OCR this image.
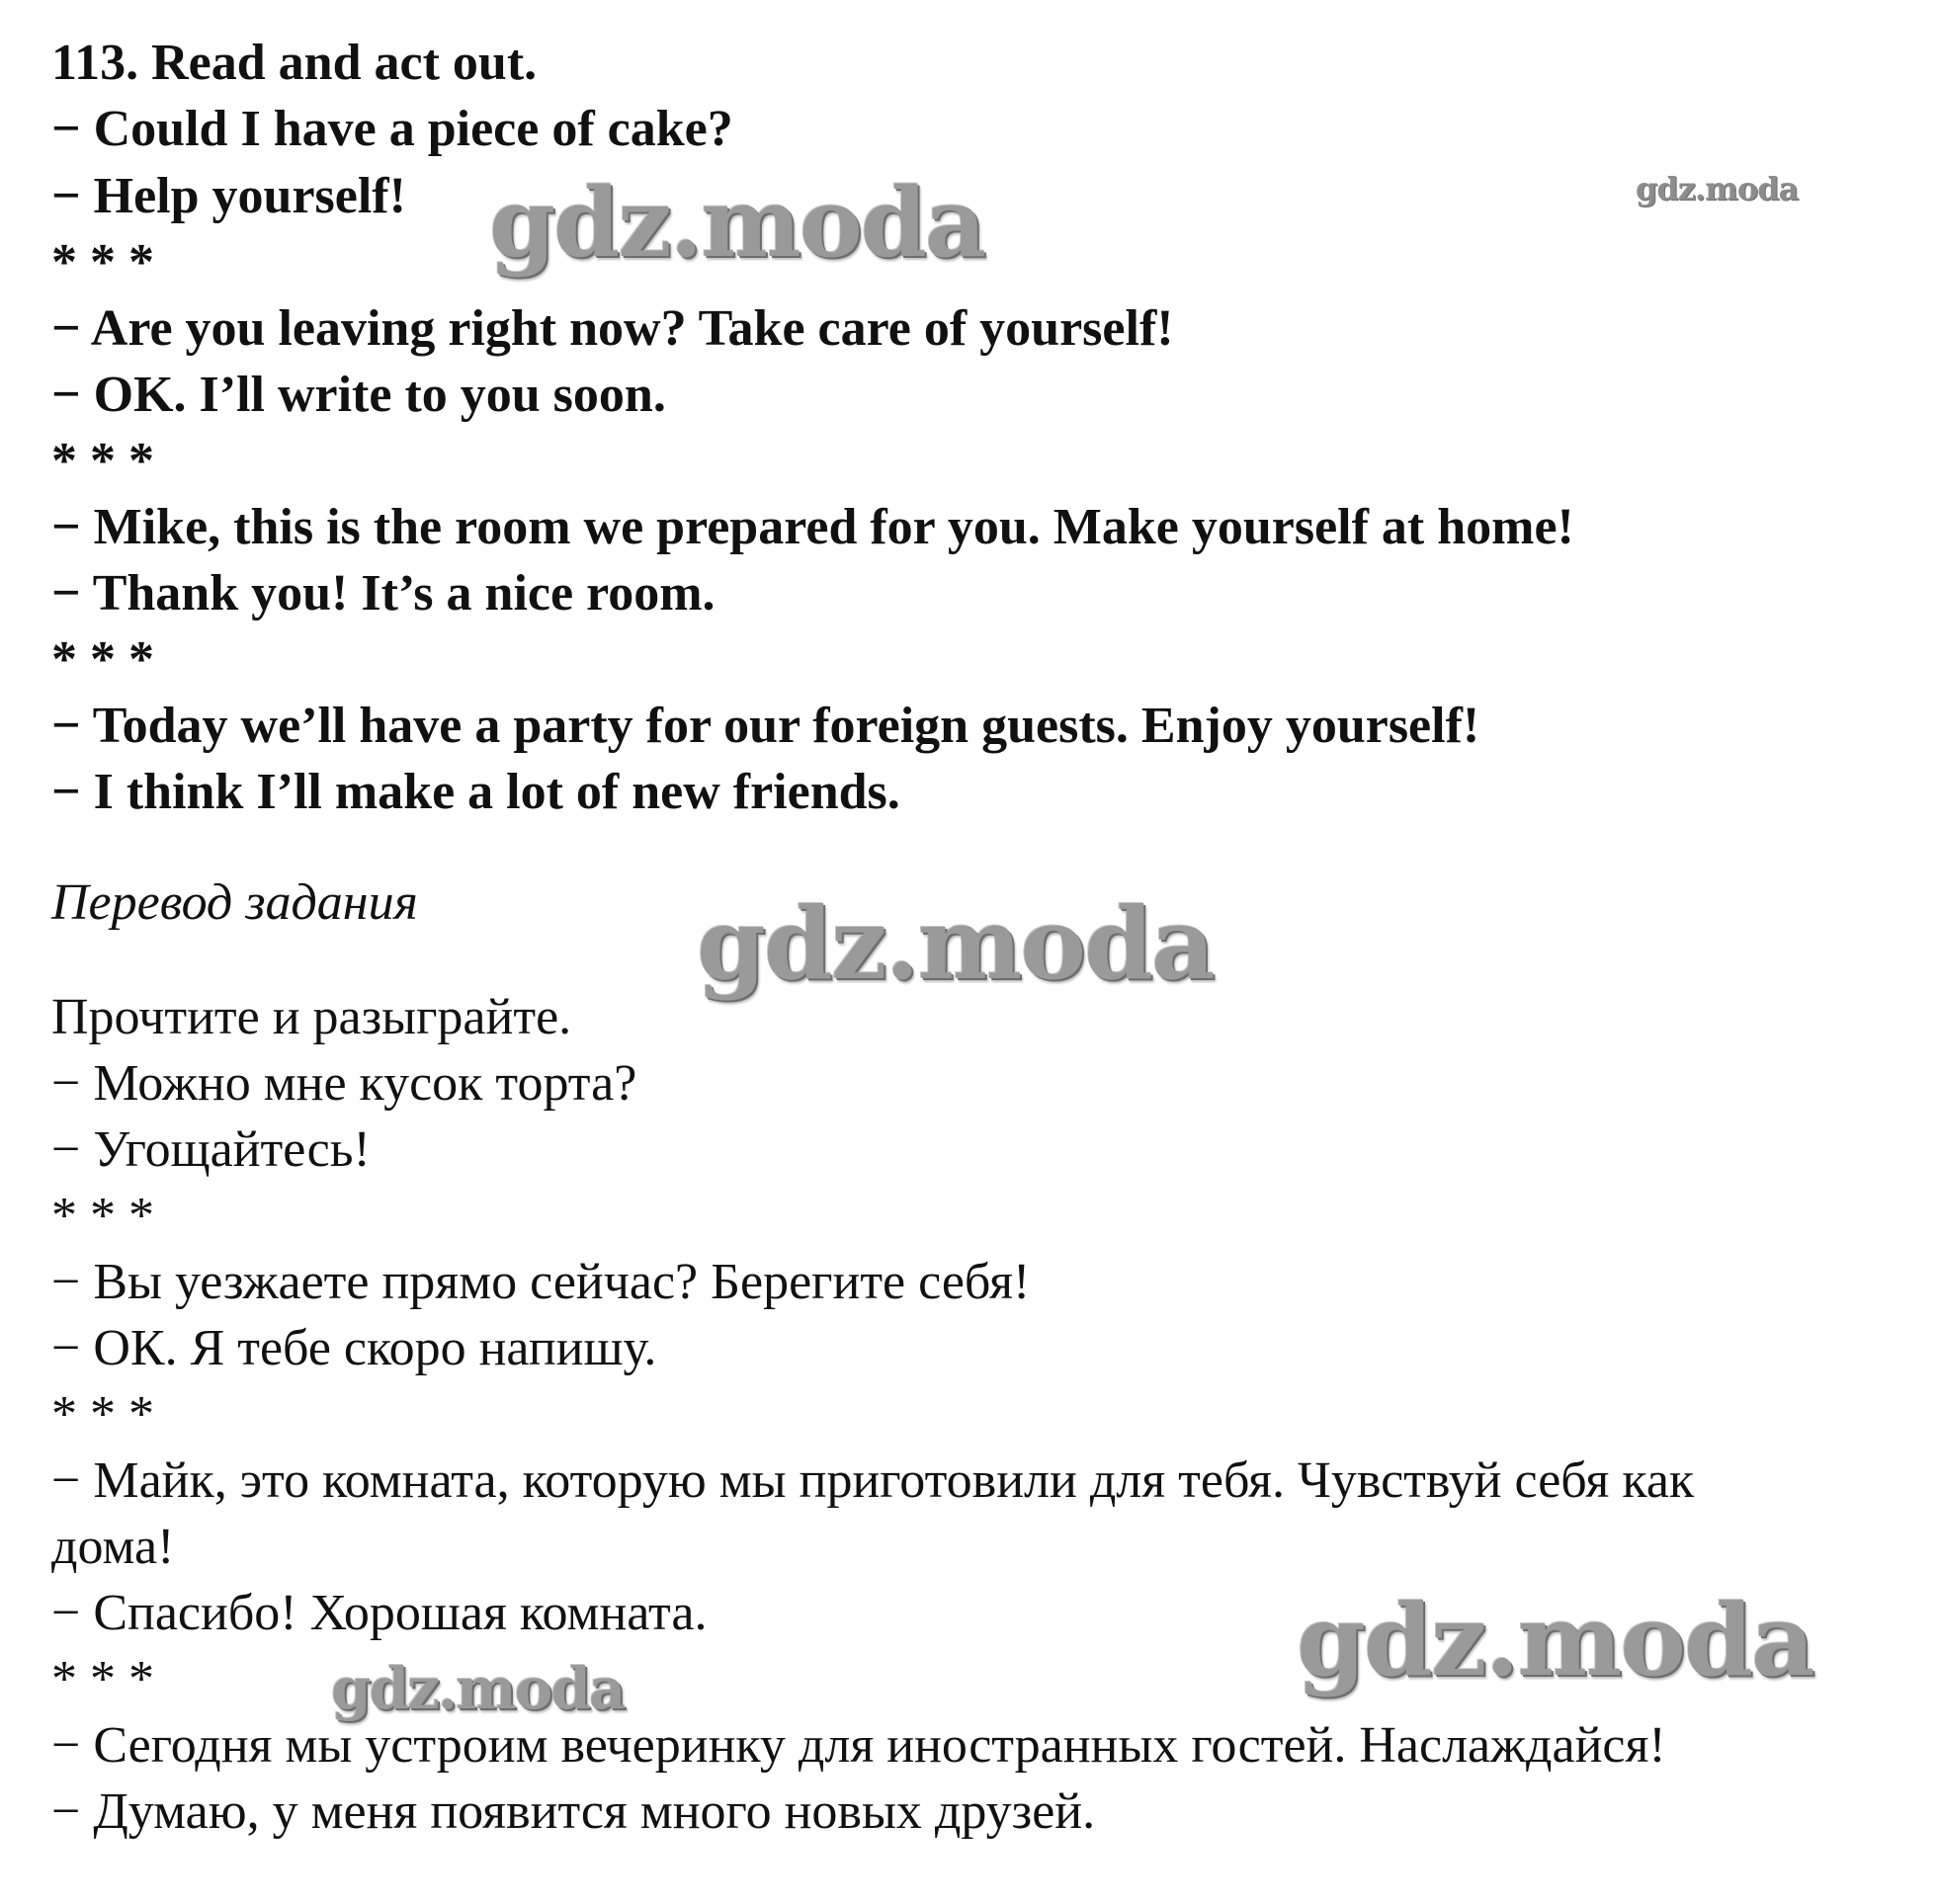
113. Read and act out.
− Could I have a piece of cake?
− Help yourself!
* * *
− Are you leaving right now? Take care of yourself!
− OK. I’ll write to you soon.
* * *
− Mike, this is the room we prepared for you. Make yourself at home!
− Thank you! It’s a nice room.
* * *
− Today we’ll have a party for our foreign guests. Enjoy yourself!
− I think I’ll make a lot of new friends.
Перевод задания
Прочтите и разыграйте.
− Можно мне кусок торта?
− Угощайтесь!
* * *
− Вы уезжаете прямо сейчас? Берегите себя!
− ОК. Я тебе скоро напишу.
* * *
− Майк, это комната, которую мы приготовили для тебя. Чувствуй себя как
дома!
− Спасибо! Хорошая комната.
* * *
− Сегодня мы устроим вечеринку для иностранных гостей. Наслаждайся!
− Думаю, у меня появится много новых друзей.
gdz.moda	gdz.moda
gdz.moda
gdz.moda
gdz.moda
